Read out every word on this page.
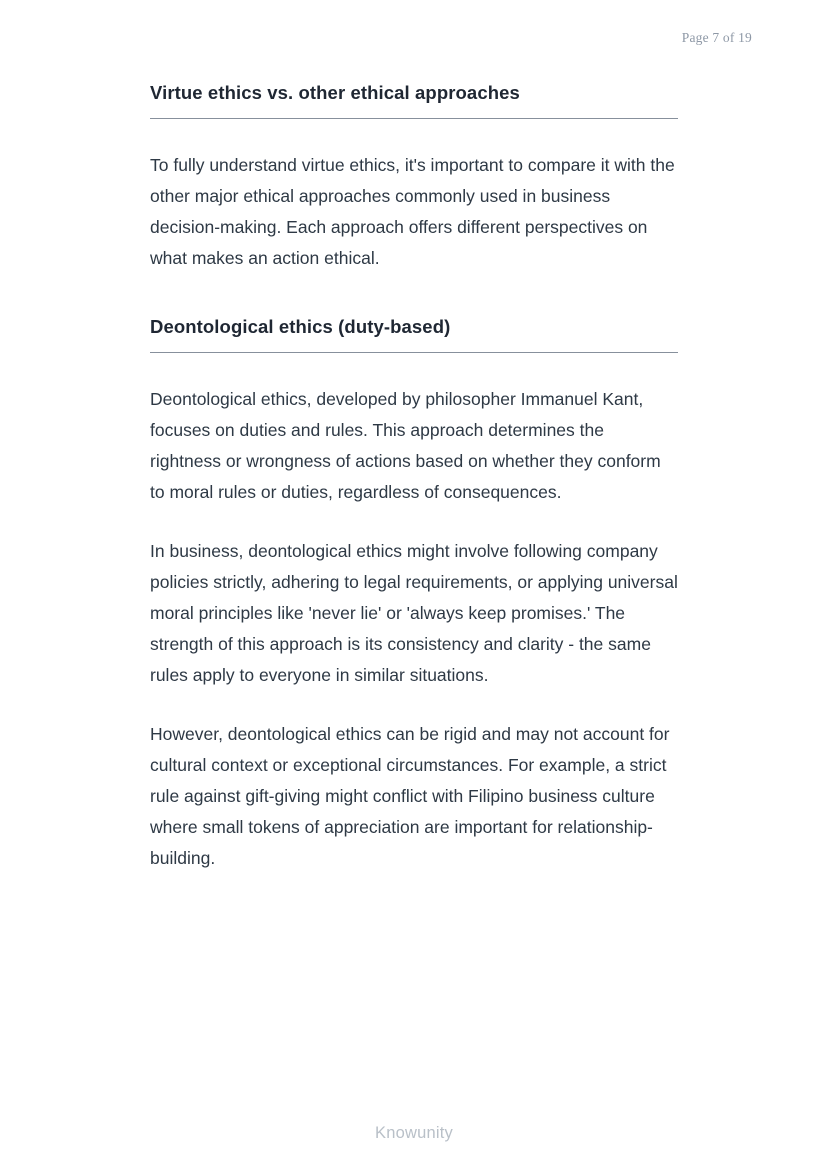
Page 7 of 19
Virtue ethics vs. other ethical approaches

To fully understand virtue ethics, it's important to compare it with the other major ethical approaches commonly used in business decision-making. Each approach offers different perspectives on what makes an action ethical.

Deontological ethics (duty-based)

Deontological ethics, developed by philosopher Immanuel Kant, focuses on duties and rules. This approach determines the rightness or wrongness of actions based on whether they conform to moral rules or duties, regardless of consequences.

In business, deontological ethics might involve following company policies strictly, adhering to legal requirements, or applying universal moral principles like 'never lie' or 'always keep promises.' The strength of this approach is its consistency and clarity - the same rules apply to everyone in similar situations.

However, deontological ethics can be rigid and may not account for cultural context or exceptional circumstances. For example, a strict rule against gift-giving might conflict with Filipino business culture where small tokens of appreciation are important for relationship-building.

Knowunity
